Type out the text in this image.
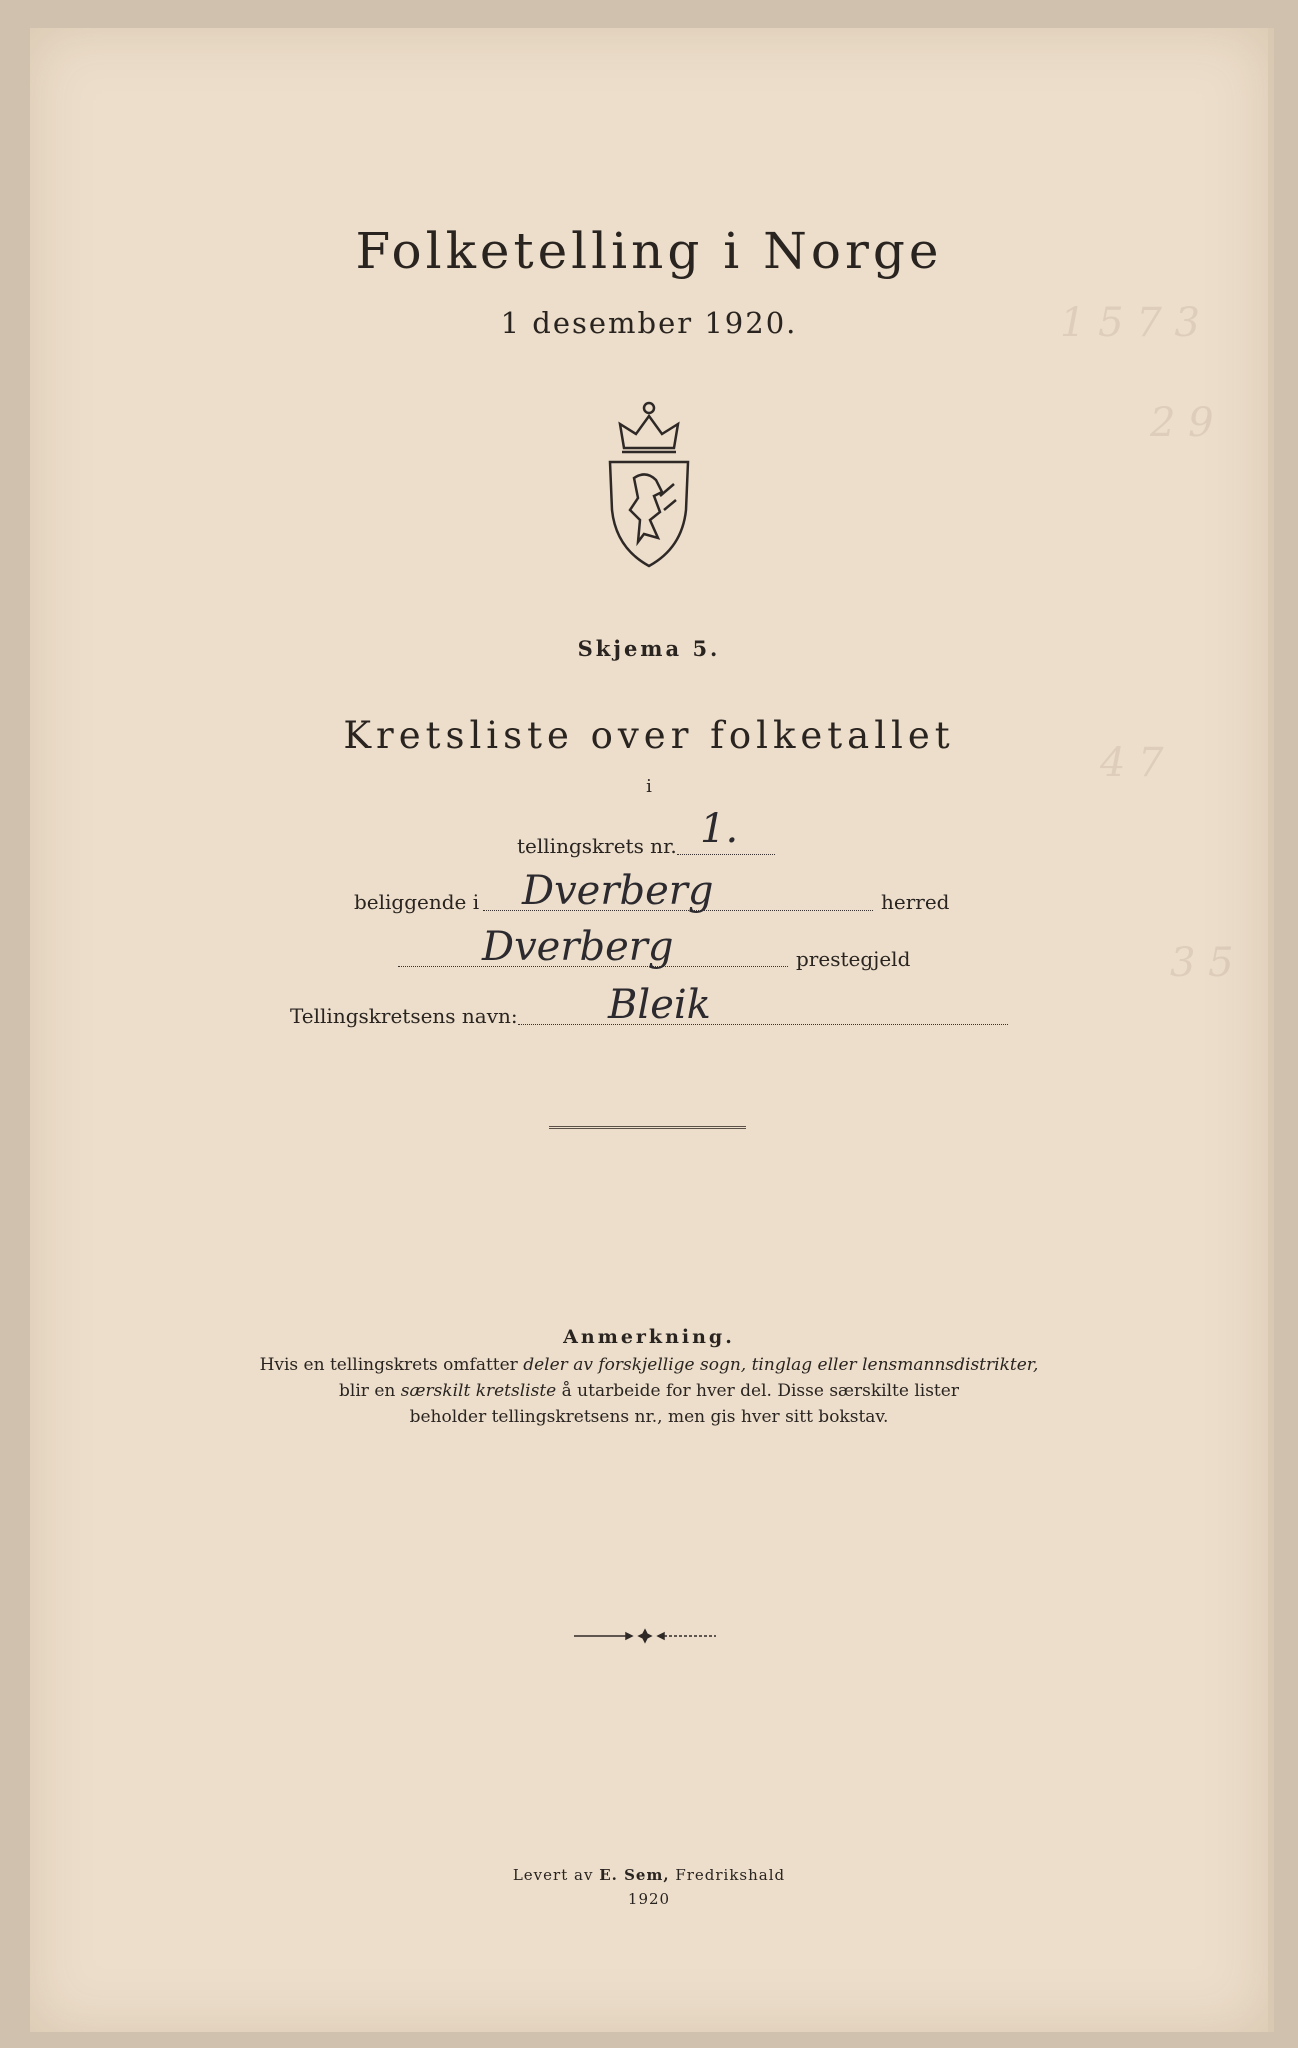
1 5 7 3
2 9
4 7
3 5
Folketelling i Norge
1 desember 1920.
Skjema 5.
Kretsliste over folketallet
i
tellingskrets nr. 1.
beliggende i Dverberg	herred
Dverberg	prestegjeld
Tellingskretsens navn: Bleik
Anmerkning.
Hvis en tellingskrets omfatter deler av forskjellige sogn, tinglag eller lensmannsdistrikter,
blir en særskilt kretsliste å utarbeide for hver del. Disse særskilte lister
beholder tellingskretsens nr., men gis hver sitt bokstav.
Levert av E. Sem, Fredrikshald
1920
